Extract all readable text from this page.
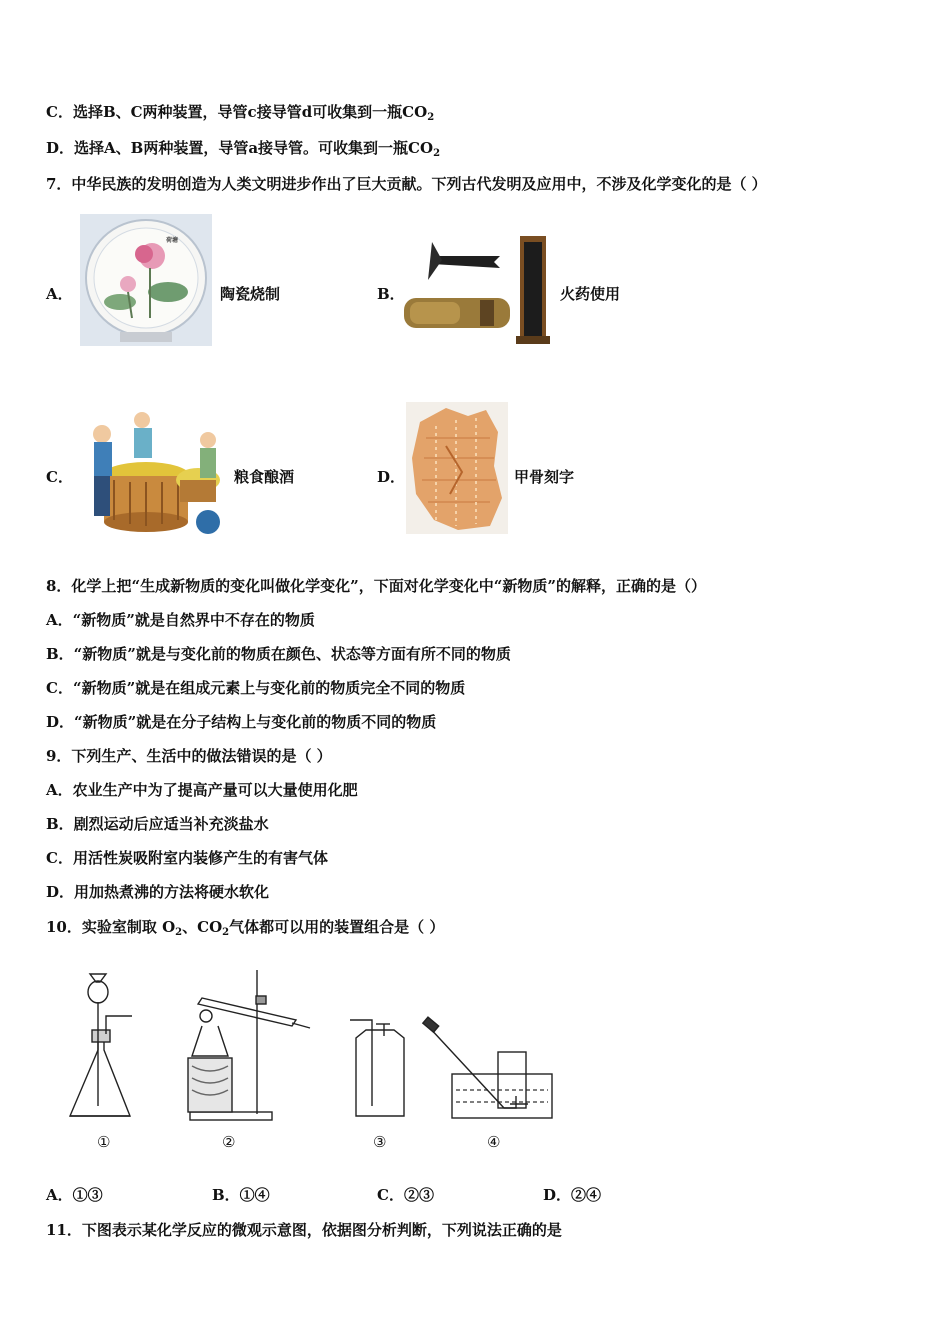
C．选择B、C两种装置，导管c接导管d可收集到一瓶$CO_2$
D．选择A、B两种装置，导管a接导管。可收集到一瓶$CO_2$
7．中华民族的发明创造为人类文明进步作出了巨大贡献。下列古代发明及应用中，不涉及化学变化的是（ ）
A．
荷塘
陶瓷烧制	B．	火药使用
C．	粮食酿酒	D．	甲骨刻字
8．化学上把“生成新物质的变化叫做化学变化”，下面对化学变化中“新物质”的解释，正确的是（）
A．“新物质”就是自然界中不存在的物质
B．“新物质”就是与变化前的物质在颜色、状态等方面有所不同的物质
C．“新物质”就是在组成元素上与变化前的物质完全不同的物质
D．“新物质”就是在分子结构上与变化前的物质不同的物质
9．下列生产、生活中的做法错误的是（ ）
A．农业生产中为了提高产量可以大量使用化肥
B．剧烈运动后应适当补充淡盐水
C．用活性炭吸附室内装修产生的有害气体
D．用加热煮沸的方法将硬水软化
10．实验室制取 $O_2$、$CO_2$气体都可以用的装置组合是（ ）
①	②	③	④
A．①③	B．①④	C．②③	D．②④
11．下图表示某化学反应的微观示意图，依据图分析判断，下列说法正确的是
